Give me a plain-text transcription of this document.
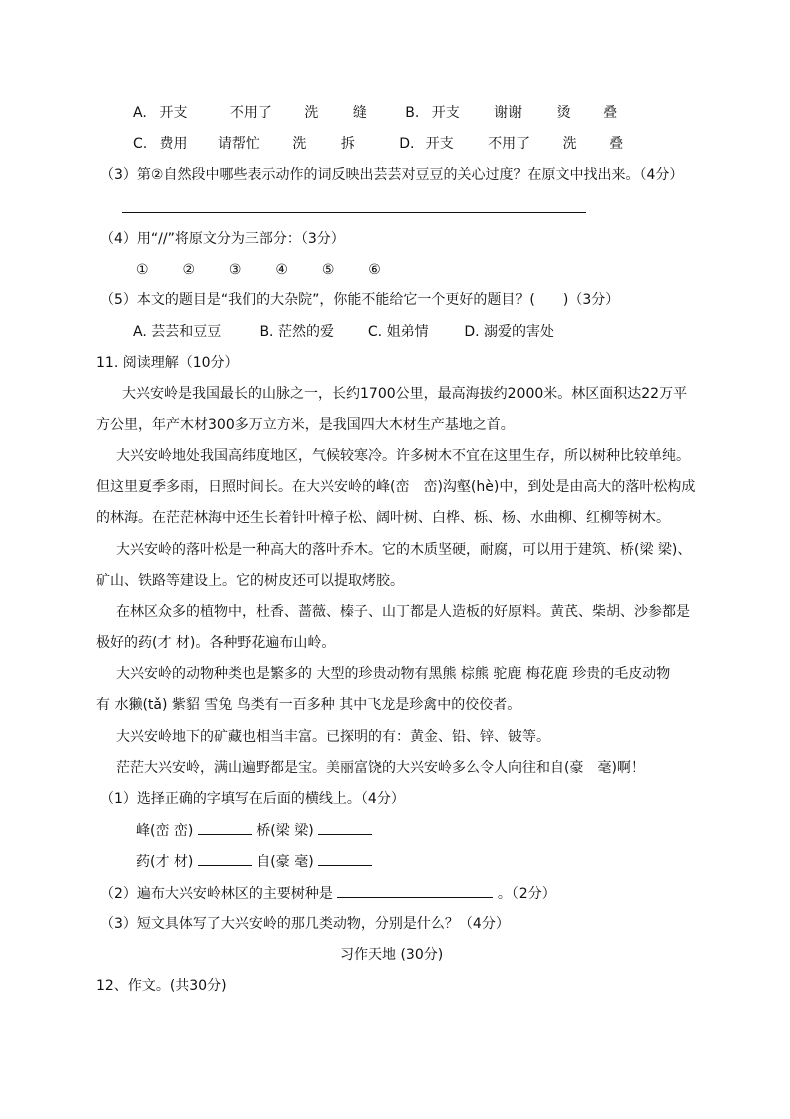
A. 开支	不用了 洗 缝	B. 开支 谢谢 烫 叠
C. 费用 请帮忙 洗 拆	D. 开支 不用了 洗 叠
（3）第②自然段中哪些表示动作的词反映出芸芸对豆豆的关心过度？在原文中找出来。（4分）
（4）用“//”将原文分为三部分：（3分）
① ② ③ ④ ⑤ ⑥
（5）本文的题目是“我们的大杂院”，你能不能给它一个更好的题目？(　　)（3分）
A. 芸芸和豆豆	B. 茫然的爱 C. 姐弟情	D. 溺爱的害处
11. 阅读理解（10分）
大兴安岭是我国最长的山脉之一，长约1700公里，最高海拔约2000米。林区面积达22万平
方公里，年产木材300多万立方米，是我国四大木材生产基地之首。
大兴安岭地处我国高纬度地区，气候较寒冷。许多树木不宜在这里生存，所以树种比较单纯。
但这里夏季多雨，日照时间长。在大兴安岭的峰(峦　峦)沟壑(hè)中，到处是由高大的落叶松构成
的林海。在茫茫林海中还生长着针叶樟子松、阔叶树、白桦、栎、杨、水曲柳、红柳等树木。
大兴安岭的落叶松是一种高大的落叶乔木。它的木质坚硬，耐腐，可以用于建筑、桥(梁 梁)、
矿山、铁路等建设上。它的树皮还可以提取烤胶。
在林区众多的植物中，杜香、蔷薇、榛子、山丁都是人造板的好原料。黄芪、柴胡、沙参都是
极好的药(才 材)。各种野花遍布山岭。
大兴安岭的动物种类也是繁多的 大型的珍贵动物有黑熊 棕熊 驼鹿 梅花鹿 珍贵的毛皮动物
有 水獭(tǎ) 紫貂 雪兔 鸟类有一百多种 其中飞龙是珍禽中的佼佼者。
大兴安岭地下的矿藏也相当丰富。已探明的有：黄金、铅、锌、铍等。
茫茫大兴安岭，满山遍野都是宝。美丽富饶的大兴安岭多么令人向往和自(豪　毫)啊！
（1）选择正确的字填写在后面的横线上。（4分）
峰(峦 峦)	桥(梁 梁)
药(才 材)	自(豪 毫)
（2）遍布大兴安岭林区的主要树种是	。（2分）
（3）短文具体写了大兴安岭的那几类动物，分别是什么？（4分）
习作天地 (30分)
12、作文。(共30分)
